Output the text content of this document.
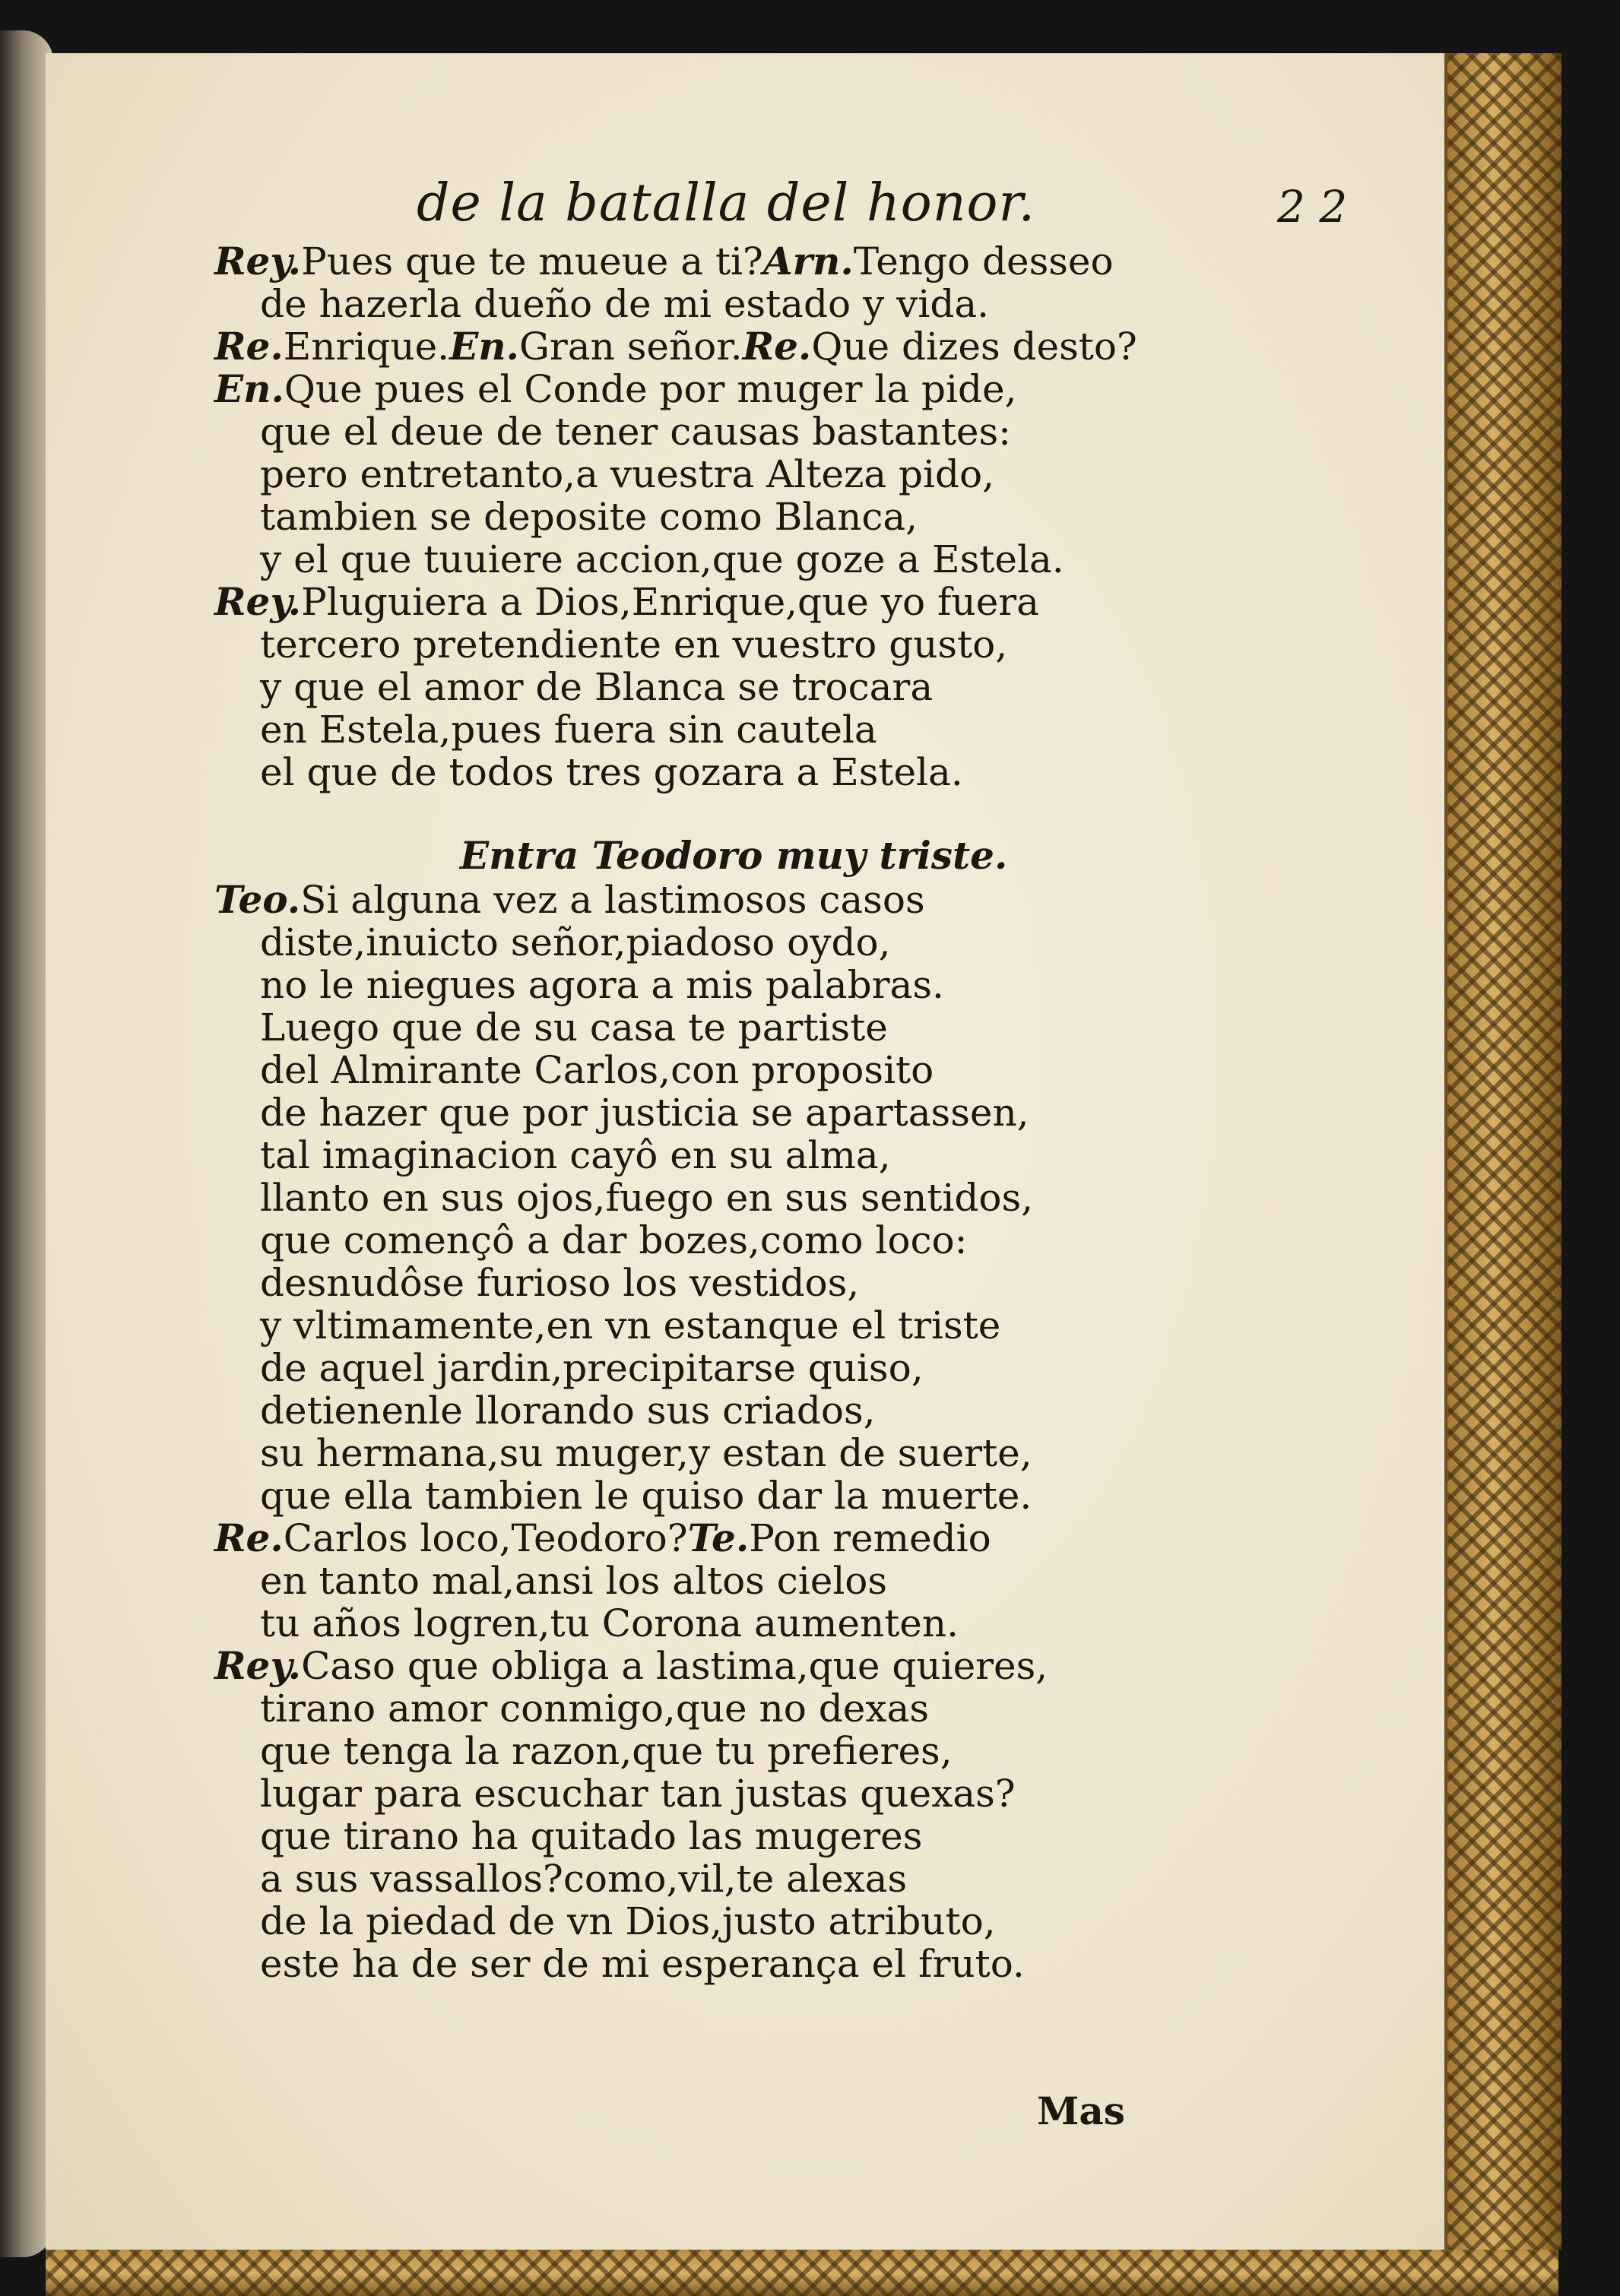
de la batalla del honor.	2 2

Rey.Pues que te mueue a ti?Arn.Tengo desseo

de hazerla dueño de mi estado y vida.

Re.Enrique.En.Gran señor.Re.Que dizes desto?

En.Que pues el Conde por muger la pide,

que el deue de tener causas bastantes:

pero entretanto,a vuestra Alteza pido,

tambien se deposite como Blanca,

y el que tuuiere accion,que goze a Estela.

Rey.Pluguiera a Dios,Enrique,que yo fuera

tercero pretendiente en vuestro gusto,

y que el amor de Blanca se trocara

en Estela,pues fuera sin cautela

el que de todos tres gozara a Estela.

Entra Teodoro muy triste.

Teo.Si alguna vez a lastimosos casos

diste,inuicto señor,piadoso oydo,

no le niegues agora a mis palabras.

Luego que de su casa te partiste

del Almirante Carlos,con proposito

de hazer que por justicia se apartassen,

tal imaginacion cayô en su alma,

llanto en sus ojos,fuego en sus sentidos,

que començô a dar bozes,como loco:

desnudôse furioso los vestidos,

y vltimamente,en vn estanque el triste

de aquel jardin,precipitarse quiso,

detienenle llorando sus criados,

su hermana,su muger,y estan de suerte,

que ella tambien le quiso dar la muerte.

Re.Carlos loco,Teodoro?Te.Pon remedio

en tanto mal,ansi los altos cielos

tu años logren,tu Corona aumenten.

Rey.Caso que obliga a lastima,que quieres,

tirano amor conmigo,que no dexas

que tenga la razon,que tu prefieres,

lugar para escuchar tan justas quexas?

que tirano ha quitado las mugeres

a sus vassallos?como,vil,te alexas

de la piedad de vn Dios,justo atributo,

este ha de ser de mi esperança el fruto.

Mas
